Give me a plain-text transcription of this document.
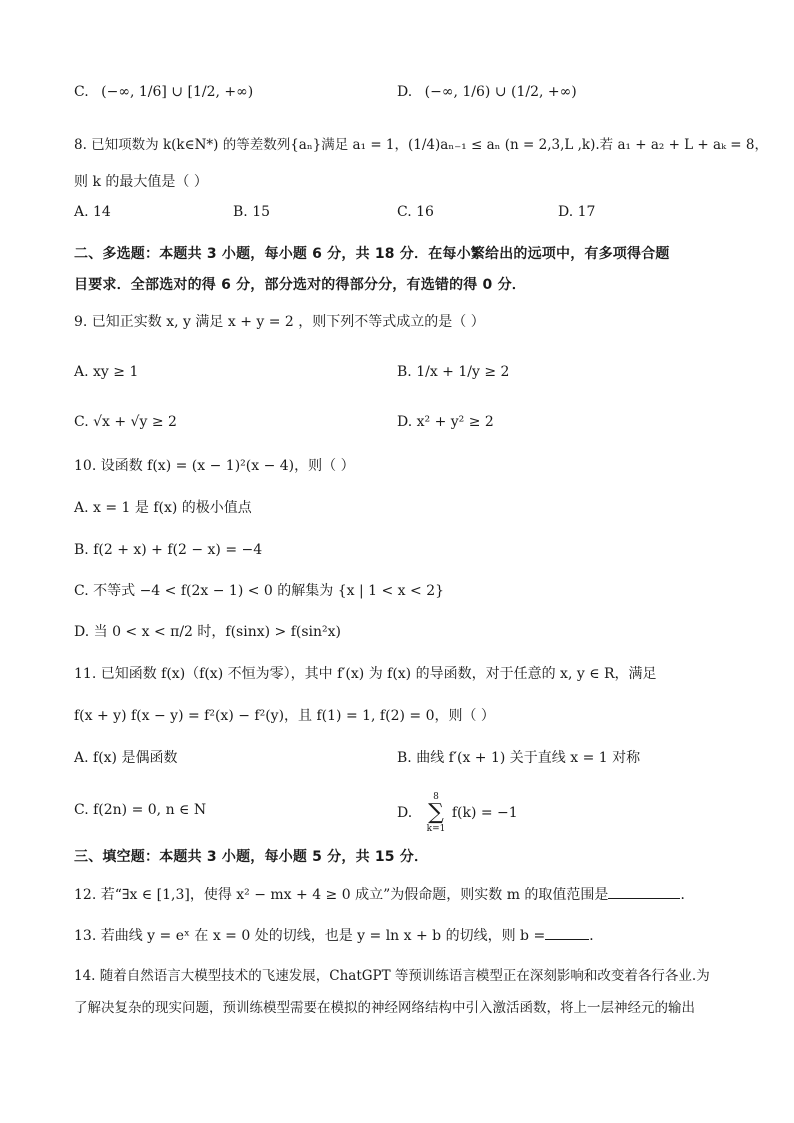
C. (−∞, 1/6] ∪ [1/2, +∞)	D. (−∞, 1/6) ∪ (1/2, +∞)
8. 已知项数为 k(k∈N*) 的等差数列{aₙ}满足 a₁ = 1，(1/4)aₙ₋₁ ≤ aₙ (n = 2,3,L ,k).若 a₁ + a₂ + L + aₖ = 8，
则 k 的最大值是（ ）
A. 14	B. 15	C. 16	D. 17
二、多选题：本题共 3 小题，每小题 6 分，共 18 分．在每小繁给出的远项中，有多项得合题
目要求．全部选对的得 6 分，部分选对的得部分分，有选错的得 0 分．
9. 已知正实数 x, y 满足 x + y = 2 ，则下列不等式成立的是（ ）
A. xy ≥ 1	B. 1/x + 1/y ≥ 2
C. √x + √y ≥ 2	D. x² + y² ≥ 2
10. 设函数 f(x) = (x − 1)²(x − 4)，则（ ）
A. x = 1 是 f(x) 的极小值点
B. f(2 + x) + f(2 − x) = −4
C. 不等式 −4 < f(2x − 1) < 0 的解集为 {x | 1 < x < 2}
D. 当 0 < x < π/2 时，f(sinx) > f(sin²x)
11. 已知函数 f(x)（f(x) 不恒为零），其中 f′(x) 为 f(x) 的导函数，对于任意的 x, y ∈ R，满足
f(x + y) f(x − y) = f²(x) − f²(y)，且 f(1) = 1, f(2) = 0，则（ ）
A. f(x) 是偶函数	B. 曲线 f′(x + 1) 关于直线 x = 1 对称
C. f(2n) = 0, n ∈ N	D.
8
∑
k=1
f(k) = −1
三、填空题：本题共 3 小题，每小题 5 分，共 15 分．
12. 若“∃x ∈ [1,3]，使得 x² − mx + 4 ≥ 0 成立”为假命题，则实数 m 的取值范围是	．
13. 若曲线 y = eˣ 在 x = 0 处的切线，也是 y = ln x + b 的切线，则 b =	．
14. 随着自然语言大模型技术的飞速发展，ChatGPT 等预训练语言模型正在深刻影响和改变着各行各业.为
了解决复杂的现实问题，预训练模型需要在模拟的神经网络结构中引入激活函数，将上一层神经元的输出
